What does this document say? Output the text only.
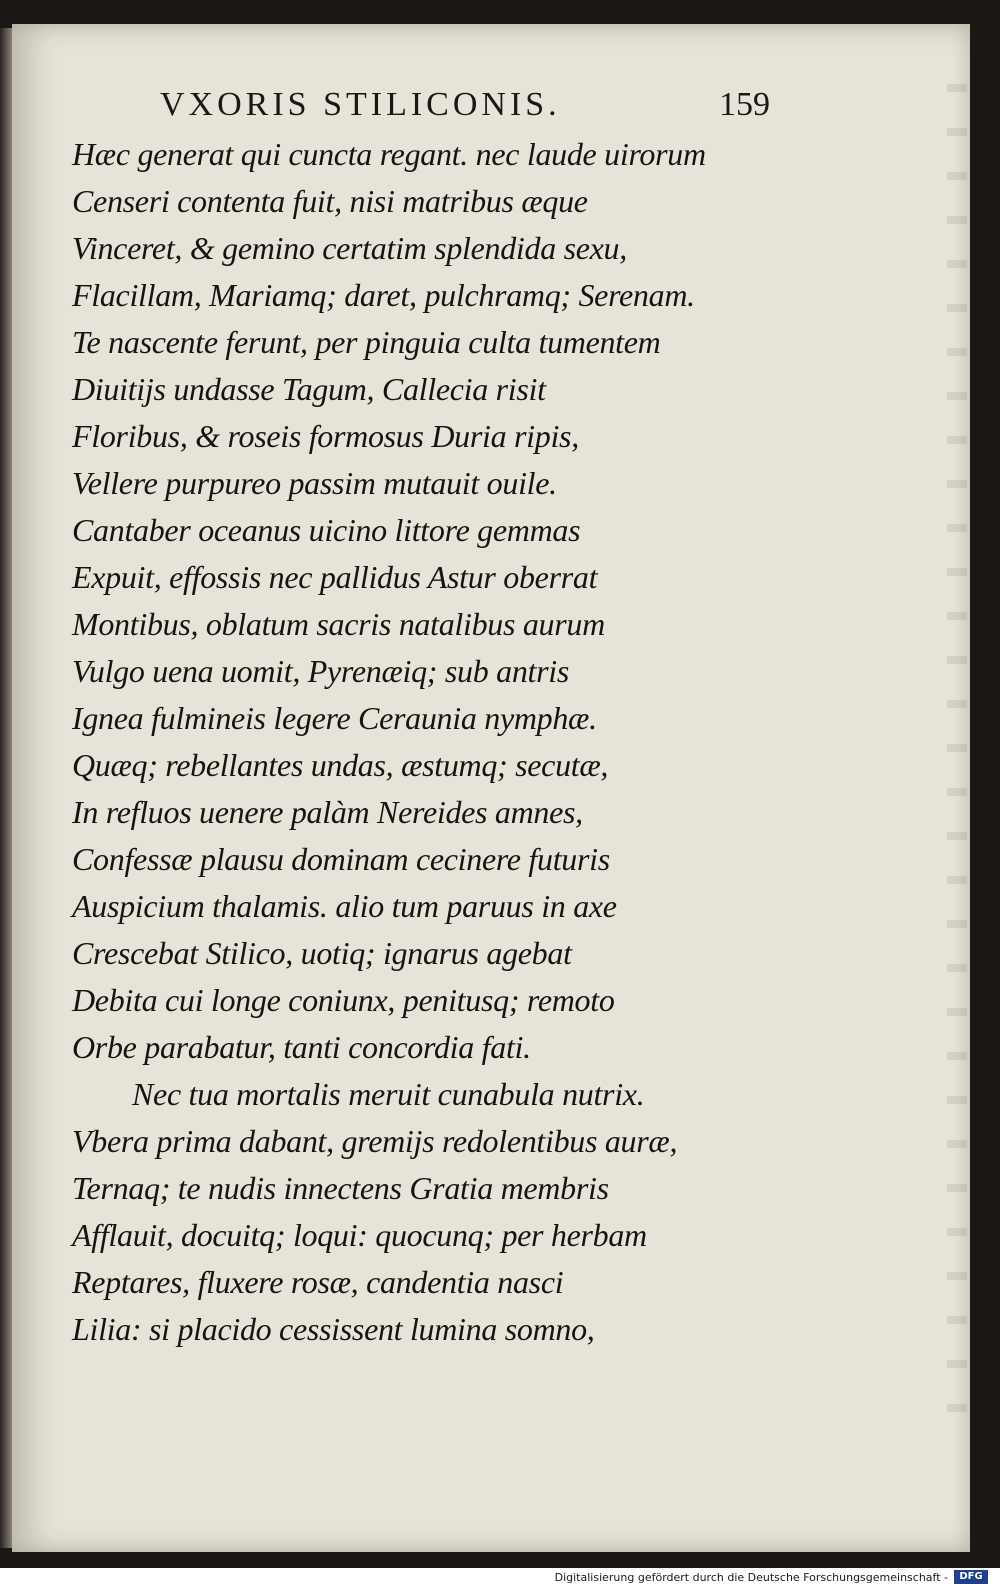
VXORIS STILICONIS.	159
Hæc generat qui cuncta regant. nec laude uirorum
Censeri contenta fuit, nisi matribus æque
Vinceret, & gemino certatim splendida sexu,
Flacillam, Mariamq; daret, pulchramq; Serenam.
Te nascente ferunt, per pinguia culta tumentem
Diuitijs undasse Tagum, Callecia risit
Floribus, & roseis formosus Duria ripis,
Vellere purpureo passim mutauit ouile.
Cantaber oceanus uicino littore gemmas
Expuit, effossis nec pallidus Astur oberrat
Montibus, oblatum sacris natalibus aurum
Vulgo uena uomit, Pyrenæiq; sub antris
Ignea fulmineis legere Ceraunia nymphæ.
Quæq; rebellantes undas, æstumq; secutæ,
In refluos uenere palàm Nereides amnes,
Confessæ plausu dominam cecinere futuris
Auspicium thalamis. alio tum paruus in axe
Crescebat Stilico, uotiq; ignarus agebat
Debita cui longe coniunx, penitusq; remoto
Orbe parabatur, tanti concordia fati.
Nec tua mortalis meruit cunabula nutrix.
Vbera prima dabant, gremijs redolentibus auræ,
Ternaq; te nudis innectens Gratia membris
Afflauit, docuitq; loqui: quocunq; per herbam
Reptares, fluxere rosæ, candentia nasci
Lilia: si placido cessissent lumina somno,
Digitalisierung gefördert durch die Deutsche Forschungsgemeinschaft -	DFG
